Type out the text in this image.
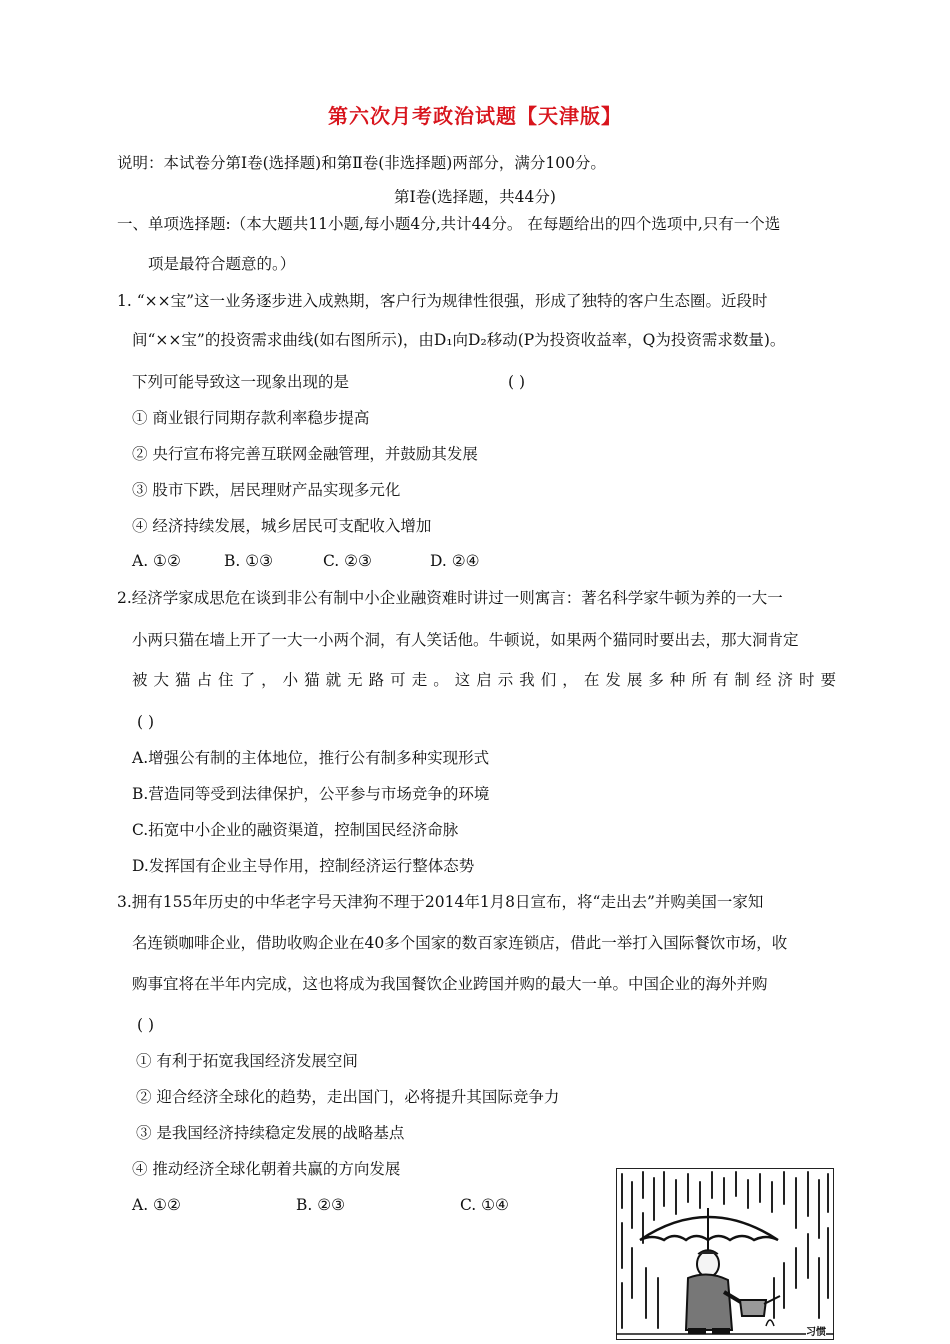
第六次月考政治试题【天津版】
说明：本试卷分第Ⅰ卷(选择题)和第Ⅱ卷(非选择题)两部分，满分100分。
第Ⅰ卷(选择题，共44分)
一、单项选择题:（本大题共11小题,每小题4分,共计44分。 在每题给出的四个选项中,只有一个选
项是最符合题意的。）
1. “××宝”这一业务逐步进入成熟期，客户行为规律性很强，形成了独特的客户生态圈。近段时
间“××宝”的投资需求曲线(如右图所示)，由D₁向D₂移动(P为投资收益率，Q为投资需求数量)。
下列可能导致这一现象出现的是	( )
① 商业银行同期存款利率稳步提高
② 央行宣布将完善互联网金融管理，并鼓励其发展
③ 股市下跌，居民理财产品实现多元化
④ 经济持续发展，城乡居民可支配收入增加
A. ①②	B. ①③	C. ②③	D. ②④
2.经济学家成思危在谈到非公有制中小企业融资难时讲过一则寓言：著名科学家牛顿为养的一大一
小两只猫在墙上开了一大一小两个洞，有人笑话他。牛顿说，如果两个猫同时要出去，那大洞肯定
被大猫占住了，小猫就无路可走。这启示我们，在发展多种所有制经济时要
( )
A.增强公有制的主体地位，推行公有制多种实现形式
B.营造同等受到法律保护，公平参与市场竞争的环境
C.拓宽中小企业的融资渠道，控制国民经济命脉
D.发挥国有企业主导作用，控制经济运行整体态势
3.拥有155年历史的中华老字号天津狗不理于2014年1月8日宣布，将“走出去”并购美国一家知
名连锁咖啡企业，借助收购企业在40多个国家的数百家连锁店，借此一举打入国际餐饮市场，收
购事宜将在半年内完成，这也将成为我国餐饮企业跨国并购的最大一单。中国企业的海外并购
( )
① 有利于拓宽我国经济发展空间
② 迎合经济全球化的趋势，走出国门，必将提升其国际竞争力
③ 是我国经济持续稳定发展的战略基点
④ 推动经济全球化朝着共赢的方向发展
A. ①②	B. ②③	C. ①④
习惯
